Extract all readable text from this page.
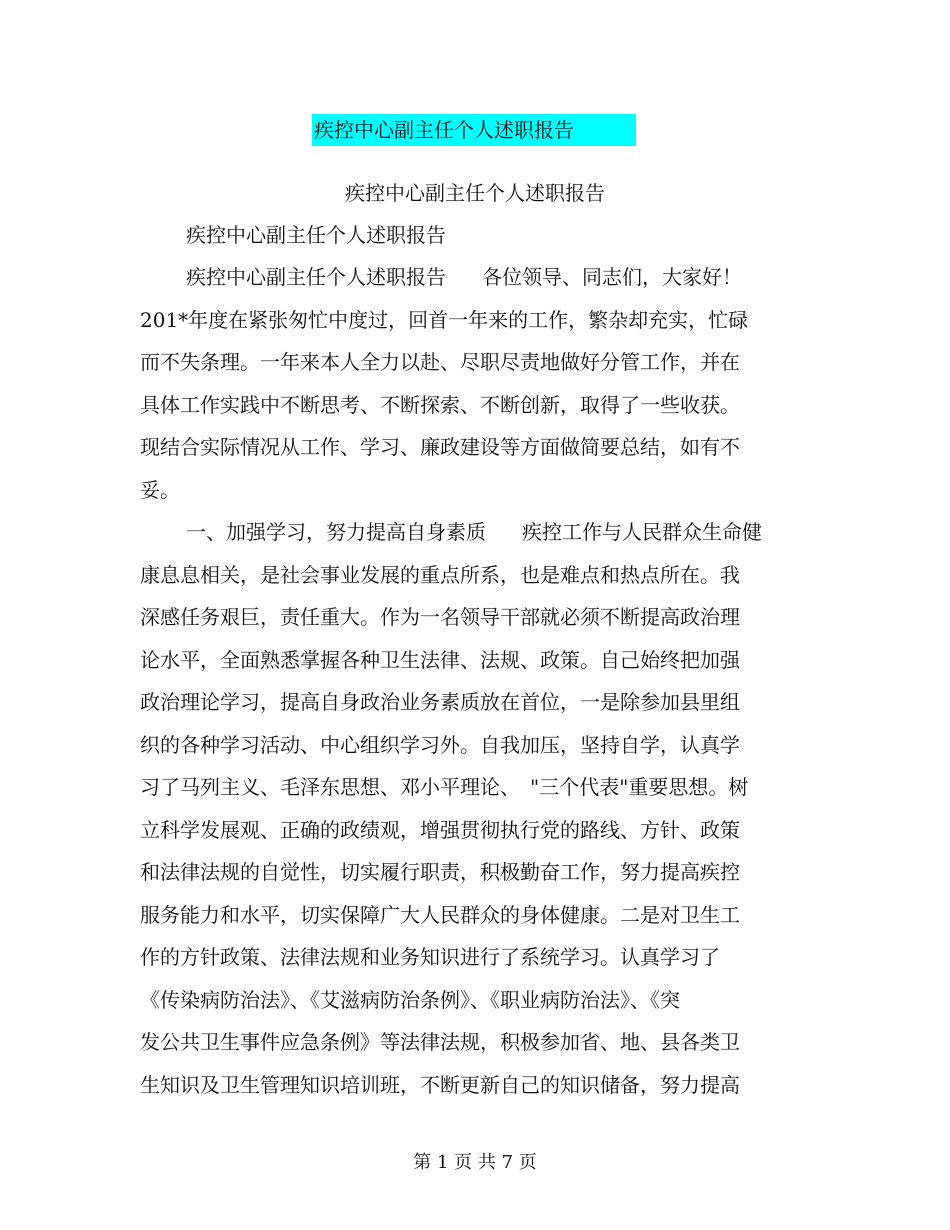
疾控中心副主任个人述职报告
疾控中心副主任个人述职报告
疾控中心副主任个人述职报告
疾控中心副主任个人述职报告 各位领导、同志们，大家好！
201*年度在紧张匆忙中度过，回首一年来的工作，繁杂却充实，忙碌
而不失条理。一年来本人全力以赴、尽职尽责地做好分管工作，并在
具体工作实践中不断思考、不断探索、不断创新，取得了一些收获。
现结合实际情况从工作、学习、廉政建设等方面做简要总结，如有不
妥。
一、加强学习，努力提高自身素质 疾控工作与人民群众生命健
康息息相关，是社会事业发展的重点所系，也是难点和热点所在。我
深感任务艰巨，责任重大。作为一名领导干部就必须不断提高政治理
论水平，全面熟悉掌握各种卫生法律、法规、政策。自己始终把加强
政治理论学习，提高自身政治业务素质放在首位，一是除参加县里组
织的各种学习活动、中心组织学习外。自我加压，坚持自学，认真学
习了马列主义、毛泽东思想、邓小平理论、　"三个代表"重要思想。树
立科学发展观、正确的政绩观，增强贯彻执行党的路线、方针、政策
和法律法规的自觉性，切实履行职责，积极勤奋工作，努力提高疾控
服务能力和水平，切实保障广大人民群众的身体健康。二是对卫生工
作的方针政策、法律法规和业务知识进行了系统学习。认真学习了
《传染病防治法》、《艾滋病防治条例》、《职业病防治法》、《突
发公共卫生事件应急条例》等法律法规，积极参加省、地、县各类卫
生知识及卫生管理知识培训班，不断更新自己的知识储备，努力提高
第 1 页 共 7 页
